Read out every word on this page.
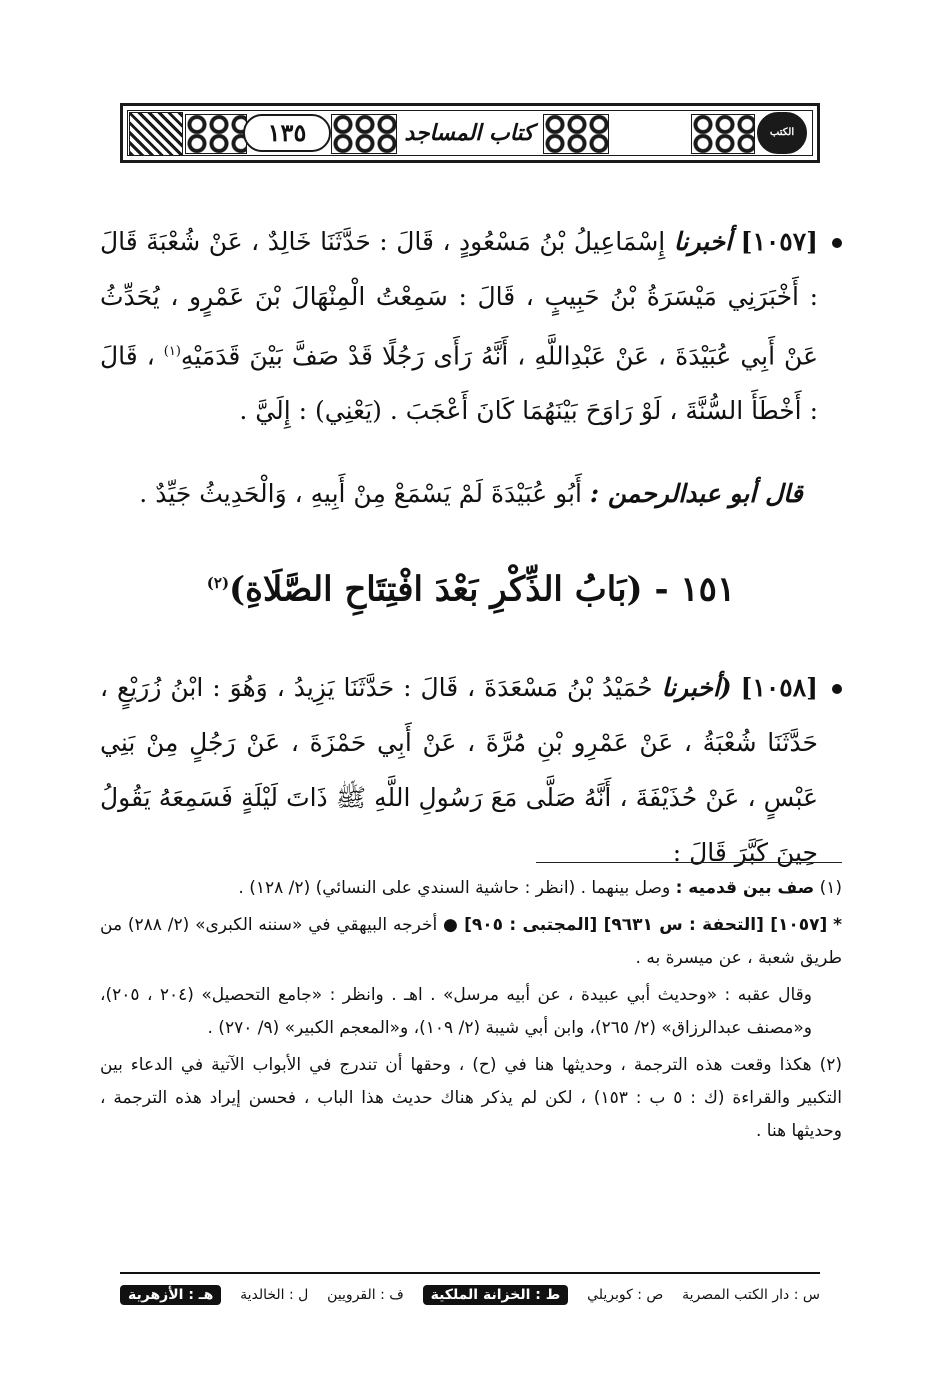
١٣٥	كتاب المساجد	الكتب

[١٠٥٧] أخبرنا إِسْمَاعِيلُ بْنُ مَسْعُودٍ ، قَالَ : حَدَّثَنَا خَالِدٌ ، عَنْ شُعْبَةَ قَالَ : أَخْبَرَنِي مَيْسَرَةُ بْنُ حَبِيبٍ ، قَالَ : سَمِعْتُ الْمِنْهَالَ بْنَ عَمْرٍو ، يُحَدِّثُ عَنْ أَبِي عُبَيْدَةَ ، عَنْ عَبْدِاللَّهِ ، أَنَّهُ رَأَى رَجُلًا قَدْ صَفَّ بَيْنَ قَدَمَيْهِ$^{(١)}$ ، قَالَ : أَخْطَأَ السُّنَّةَ ، لَوْ رَاوَحَ بَيْنَهُمَا كَانَ أَعْجَبَ . (يَعْنِي) : إِلَيَّ .

قال أبو عبدالرحمن : أَبُو عُبَيْدَةَ لَمْ يَسْمَعْ مِنْ أَبِيهِ ، وَالْحَدِيثُ جَيِّدٌ .
١٥١ - (بَابُ الذِّكْرِ بَعْدَ افْتِتَاحِ الصَّلَاةِ)$^{(٢)}$

[١٠٥٨] (أخبرنا حُمَيْدُ بْنُ مَسْعَدَةَ ، قَالَ : حَدَّثَنَا يَزِيدُ ، وَهُوَ : ابْنُ زُرَيْعٍ ، حَدَّثَنَا شُعْبَةُ ، عَنْ عَمْرِو بْنِ مُرَّةَ ، عَنْ أَبِي حَمْزَةَ ، عَنْ رَجُلٍ مِنْ بَنِي عَبْسٍ ، عَنْ حُذَيْفَةَ ، أَنَّهُ صَلَّى مَعَ رَسُولِ اللَّهِ ﷺ ذَاتَ لَيْلَةٍ فَسَمِعَهُ يَقُولُ حِينَ كَبَّرَ قَالَ :

(١) صف بين قدميه : وصل بينهما . (انظر : حاشية السندي على النسائي) (٢/ ١٢٨) .

* [١٠٥٧] [التحفة : س ٩٦٣١] [المجتبى : ٩٠٥] ● أخرجه البيهقي في «سننه الكبرى» (٢/ ٢٨٨) من طريق شعبة ، عن ميسرة به .

وقال عقبه : «وحديث أبي عبيدة ، عن أبيه مرسل» . اهـ . وانظر : «جامع التحصيل» (٢٠٤ ، ٢٠٥)، و«مصنف عبدالرزاق» (٢/ ٢٦٥)، وابن أبي شيبة (٢/ ١٠٩)، و«المعجم الكبير» (٩/ ٢٧٠) .

(٢) هكذا وقعت هذه الترجمة ، وحديثها هنا في (ح) ، وحقها أن تندرج في الأبواب الآتية في الدعاء بين التكبير والقراءة (ك : ٥ ب : ١٥٣) ، لكن لم يذكر هناك حديث هذا الباب ، فحسن إيراد هذه الترجمة ، وحديثها هنا .

س : دار الكتب المصرية
ص : كوبريلي
ط : الخزانة الملكية
ف : القرويين
ل : الخالدية
هـ : الأزهرية
